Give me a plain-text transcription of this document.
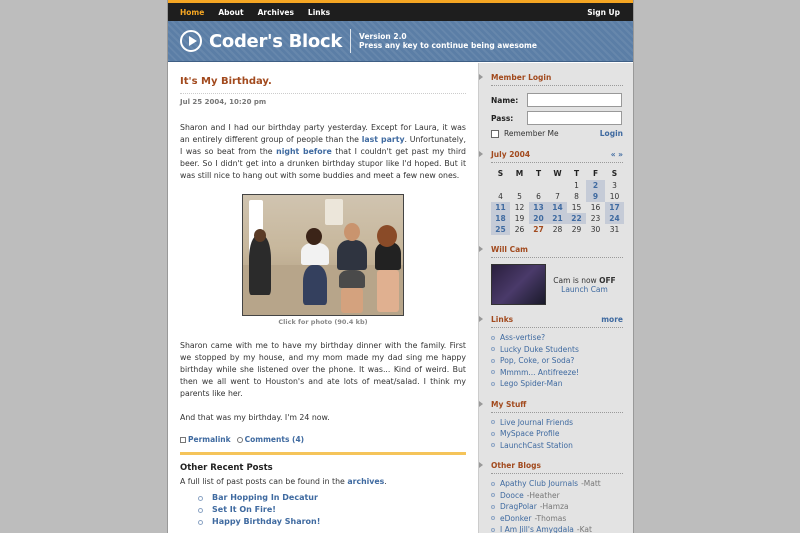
Home About Archives Links	Sign Up
Coder's Block Version 2.0
Press any key to continue being awesome
It's My Birthday.
Jul 25 2004, 10:20 pm

Sharon and I had our birthday party yesterday. Except for Laura, it was an entirely different group of people than the last party. Unfortunately, I was so beat from the night before that I couldn't get past my third beer. So I didn't get into a drunken birthday stupor like I'd hoped. But it was still nice to hang out with some buddies and meet a few new ones.

Click for photo (90.4 kb)

Sharon came with me to have my birthday dinner with the family. First we stopped by my house, and my mom made my dad sing me happy birthday while she listened over the phone. It was... Kind of weird. But then we all went to Houston's and ate lots of meat/salad. I think my parents like her.

And that was my birthday. I'm 24 now.

Permalink Comments (4)
Other Recent Posts
A full list of past posts can be found in the archives.
Bar Hopping In Decatur
Set It On Fire!
Happy Birthday Sharon!
Member Login
Name:
Pass:
Remember Me	Login
July 2004	« »
S	M	T	W	T	F	S
				1	2	3
4	5	6	7	8	9	10
11	12	13	14	15	16	17
18	19	20	21	22	23	24
25	26	27	28	29	30	31
Will Cam
Cam is now OFF
Launch Cam
Links	more
Ass-vertise?
Lucky Duke Students
Pop, Coke, or Soda?
Mmmm... Antifreeze!
Lego Spider-Man
My Stuff
Live Journal Friends
MySpace Profile
LaunchCast Station
Other Blogs
Apathy Club Journals -Matt
Dooce -Heather
DragPolar -Hamza
eDonker -Thomas
I Am Jill's Amygdala -Kat
